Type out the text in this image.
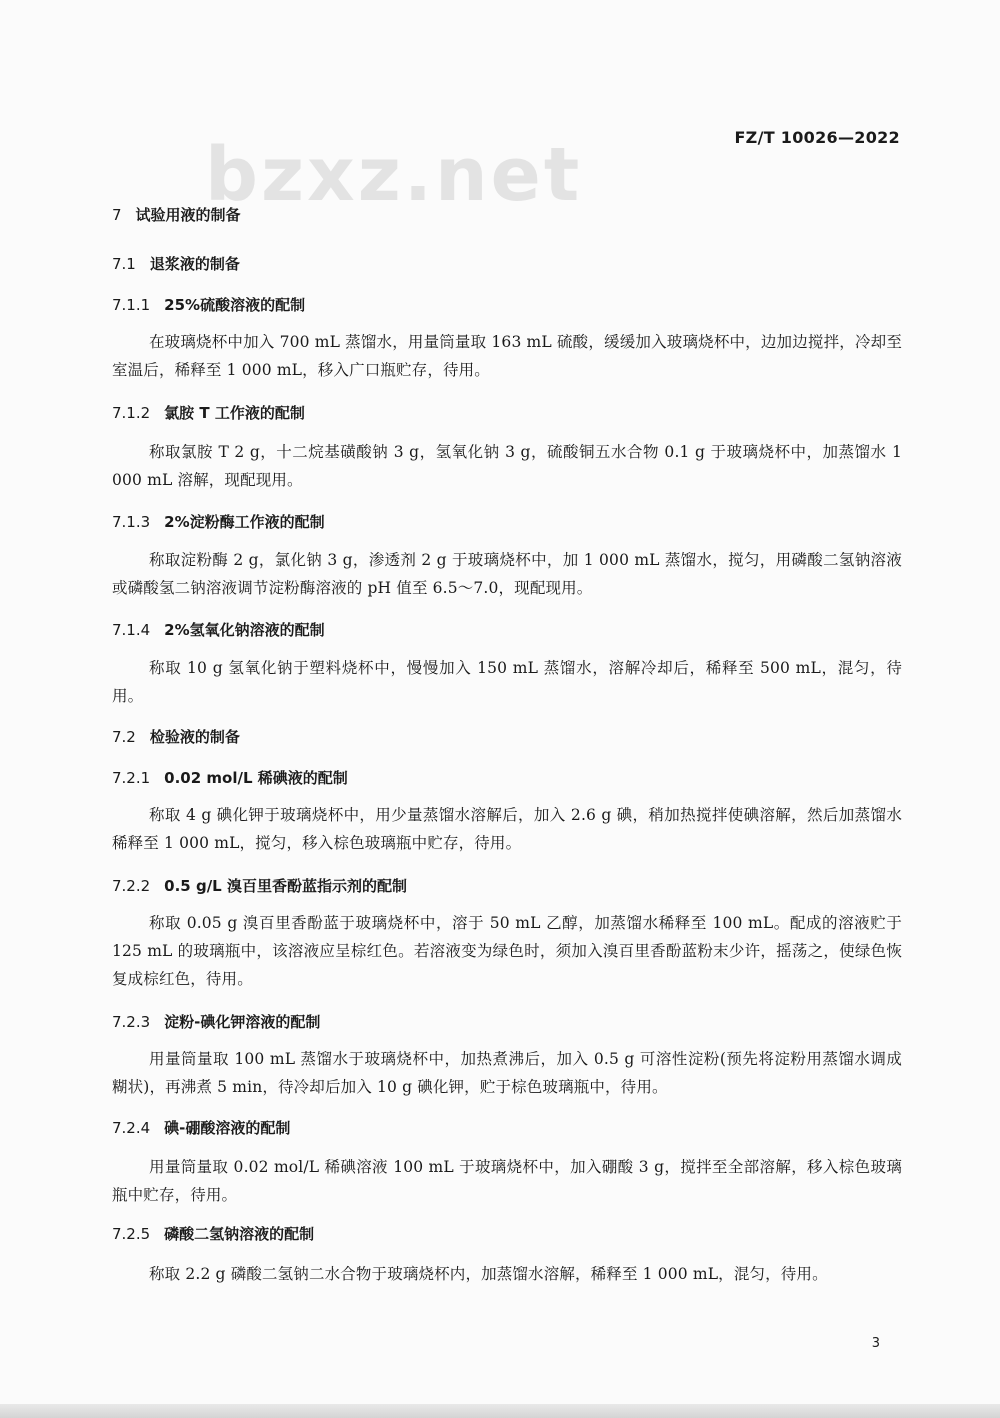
bzxz.net	FZ/T 10026—2022
7 试验用液的制备
7.1 退浆液的制备
7.1.1 25%硫酸溶液的配制
在玻璃烧杯中加入 700 mL 蒸馏水，用量筒量取 163 mL 硫酸，缓缓加入玻璃烧杯中，边加边搅拌，冷却至室温后，稀释至 1 000 mL，移入广口瓶贮存，待用。
7.1.2 氯胺 T 工作液的配制
称取氯胺 T 2 g，十二烷基磺酸钠 3 g，氢氧化钠 3 g，硫酸铜五水合物 0.1 g 于玻璃烧杯中，加蒸馏水 1 000 mL 溶解，现配现用。
7.1.3 2%淀粉酶工作液的配制
称取淀粉酶 2 g，氯化钠 3 g，渗透剂 2 g 于玻璃烧杯中，加 1 000 mL 蒸馏水，搅匀，用磷酸二氢钠溶液或磷酸氢二钠溶液调节淀粉酶溶液的 pH 值至 6.5～7.0，现配现用。
7.1.4 2%氢氧化钠溶液的配制
称取 10 g 氢氧化钠于塑料烧杯中，慢慢加入 150 mL 蒸馏水，溶解冷却后，稀释至 500 mL，混匀，待用。
7.2 检验液的制备
7.2.1 0.02 mol/L 稀碘液的配制
称取 4 g 碘化钾于玻璃烧杯中，用少量蒸馏水溶解后，加入 2.6 g 碘，稍加热搅拌使碘溶解，然后加蒸馏水稀释至 1 000 mL，搅匀，移入棕色玻璃瓶中贮存，待用。
7.2.2 0.5 g/L 溴百里香酚蓝指示剂的配制
称取 0.05 g 溴百里香酚蓝于玻璃烧杯中，溶于 50 mL 乙醇，加蒸馏水稀释至 100 mL。配成的溶液贮于 125 mL 的玻璃瓶中，该溶液应呈棕红色。若溶液变为绿色时，须加入溴百里香酚蓝粉末少许，摇荡之，使绿色恢复成棕红色，待用。
7.2.3 淀粉-碘化钾溶液的配制
用量筒量取 100 mL 蒸馏水于玻璃烧杯中，加热煮沸后，加入 0.5 g 可溶性淀粉(预先将淀粉用蒸馏水调成糊状)，再沸煮 5 min，待冷却后加入 10 g 碘化钾，贮于棕色玻璃瓶中，待用。
7.2.4 碘-硼酸溶液的配制
用量筒量取 0.02 mol/L 稀碘溶液 100 mL 于玻璃烧杯中，加入硼酸 3 g，搅拌至全部溶解，移入棕色玻璃瓶中贮存，待用。
7.2.5 磷酸二氢钠溶液的配制
称取 2.2 g 磷酸二氢钠二水合物于玻璃烧杯内，加蒸馏水溶解，稀释至 1 000 mL，混匀，待用。
3
